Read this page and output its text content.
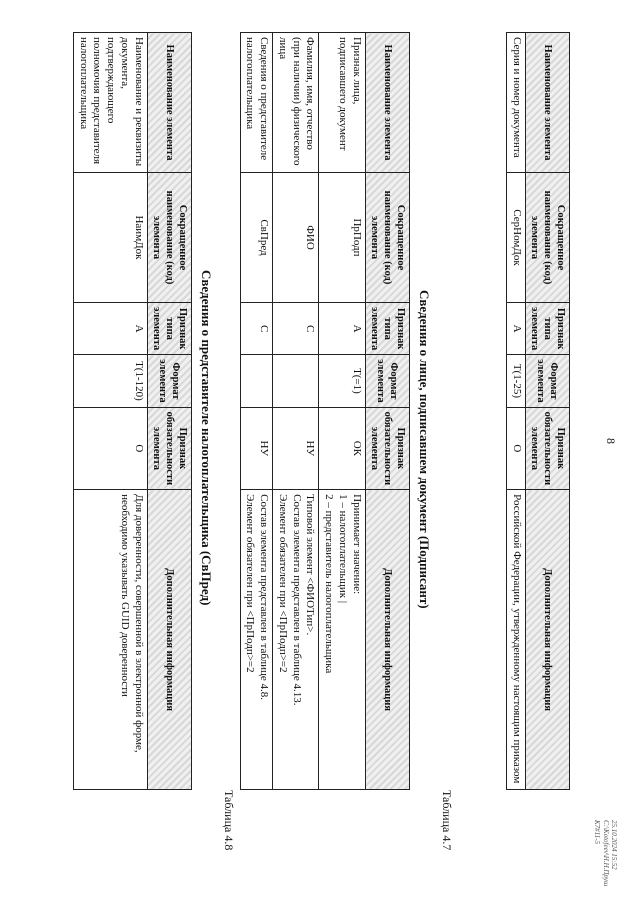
8
25.10.2024 15:52
С:\Kotofeev\Н.Н.Пруш К7#11-5
Наименование элемента	Сокращенное наименование (код) элемента	Признак типа элемента	Формат элемента	Признак обязательности элемента	Дополнительная информация
Серия и номер документа	СерНомДок	А	Т(1-25)	О	Российской Федерации, утвержденному настоящим приказом
Таблица 4.7
Сведения о лице, подписавшем документ (Подписант)
Наименование элемента	Сокращенное наименование (код) элемента	Признак типа элемента	Формат элемента	Признак обязательности элемента	Дополнительная информация
Признак лица, подписавшего документ	ПрПодп	А	Т(=1)	ОК	Принимает значение:
1 – налогоплательщик |
2 – представитель налогоплательщика
Фамилия, имя, отчество (при наличии) физического лица	ФИО	С		НУ	Типовой элемент <ФИОТип>.
Состав элемента представлен в таблице 4.13.
Элемент обязателен при <ПрПодп>=2
Сведения о представителе налогоплательщика	СвПред	С		НУ	Состав элемента представлен в таблице 4.8.
Элемент обязателен при <ПрПодп>=2
Таблица 4.8
Сведения о представителе налогоплательщика (СвПред)
Наименование элемента	Сокращенное наименование (код) элемента	Признак типа элемента	Формат элемента	Признак обязательности элемента	Дополнительная информация
Наименование и реквизиты документа, подтверждающего полномочия представителя налогоплательщика	НаимДок	А	Т(1-120)	О	Для доверенности, совершенной в электронной форме, необходимо указывать GUID доверенности
